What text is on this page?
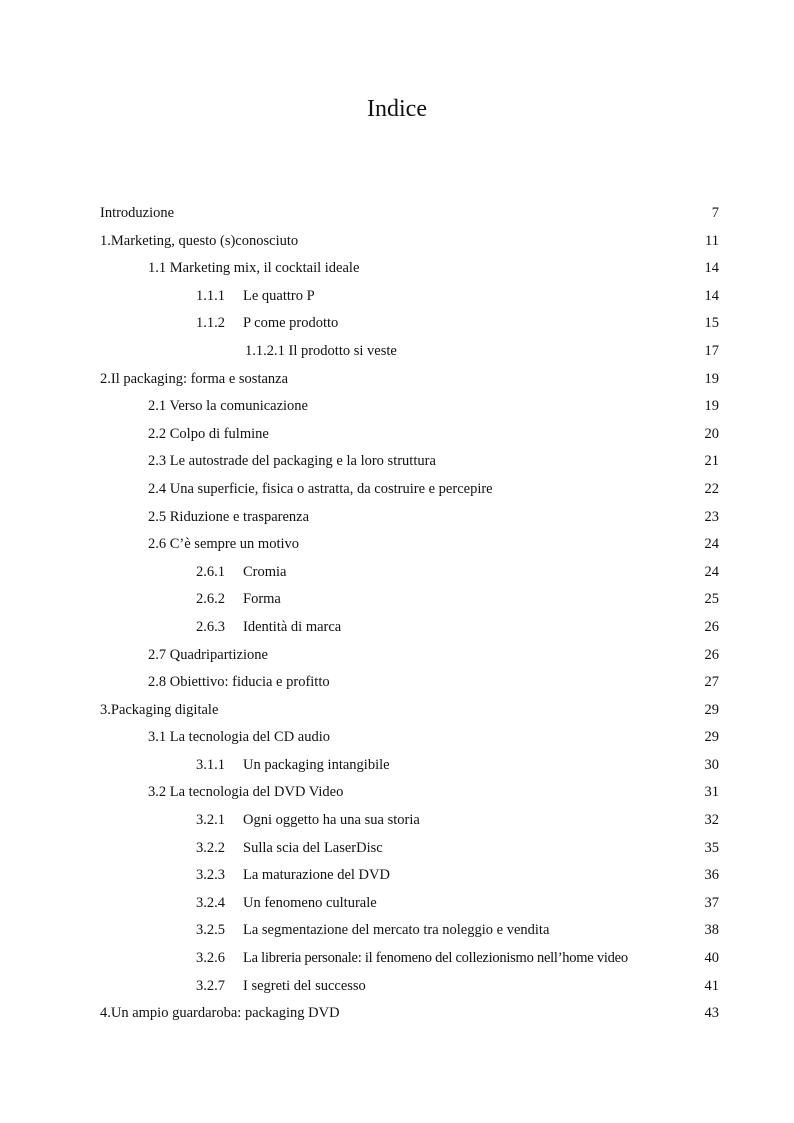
Indice
Introduzione	7
1.Marketing, questo (s)conosciuto	11
1.1 Marketing mix, il cocktail ideale	14
1.1.1 Le quattro P	14
1.1.2 P come prodotto	15
1.1.2.1 Il prodotto si veste	17
2.Il packaging: forma e sostanza	19
2.1 Verso la comunicazione	19
2.2 Colpo di fulmine	20
2.3 Le autostrade del packaging e la loro struttura	21
2.4 Una superficie, fisica o astratta, da costruire e percepire	22
2.5 Riduzione e trasparenza	23
2.6 C’è sempre un motivo	24
2.6.1 Cromia	24
2.6.2 Forma	25
2.6.3 Identità di marca	26
2.7 Quadripartizione	26
2.8 Obiettivo: fiducia e profitto	27
3.Packaging digitale	29
3.1 La tecnologia del CD audio	29
3.1.1 Un packaging intangibile	30
3.2 La tecnologia del DVD Video	31
3.2.1 Ogni oggetto ha una sua storia	32
3.2.2 Sulla scia del LaserDisc	35
3.2.3 La maturazione del DVD	36
3.2.4 Un fenomeno culturale	37
3.2.5 La segmentazione del mercato tra noleggio e vendita	38
3.2.6 La libreria personale: il fenomeno del collezionismo nell’home video	40
3.2.7 I segreti del successo	41
4.Un ampio guardaroba: packaging DVD	43
